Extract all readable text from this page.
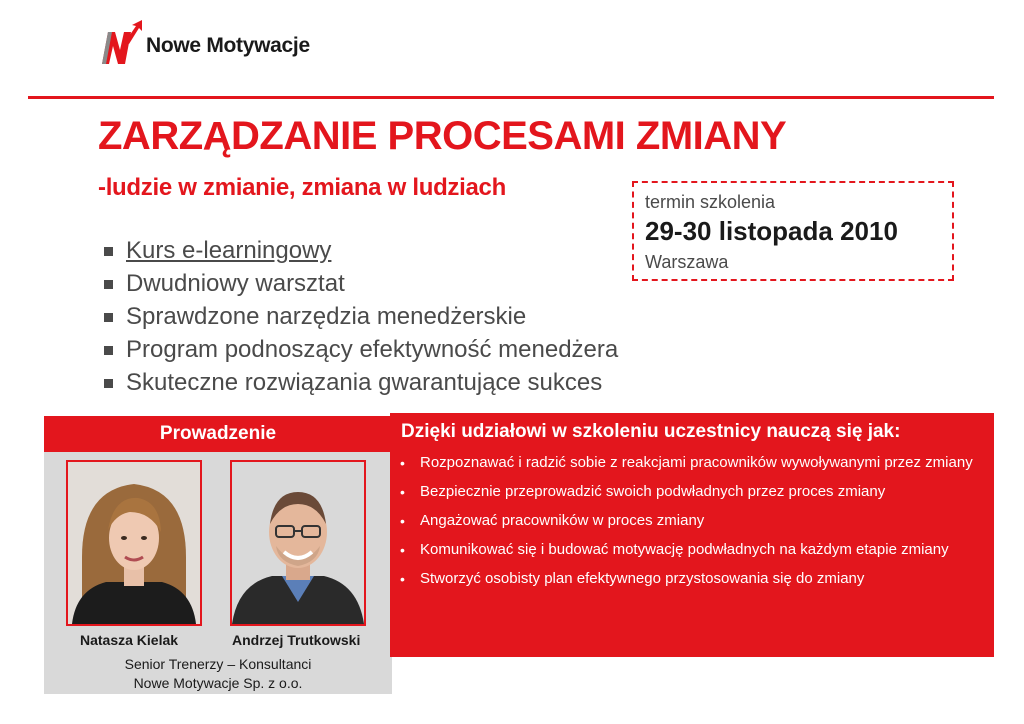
Nowe Motywacje
ZARZĄDZANIE PROCESAMI ZMIANY
-ludzie w zmianie, zmiana w ludziach
Kurs e-learningowy
Dwudniowy warsztat
Sprawdzone narzędzia menedżerskie
Program podnoszący efektywność menedżera
Skuteczne rozwiązania gwarantujące sukces
termin szkolenia
29-30 listopada 2010
Warszawa
Prowadzenie
Natasza Kielak	Andrzej Trutkowski
Senior Trenerzy – Konsultanci
Nowe Motywacje Sp. z o.o.
Dzięki udziałowi w szkoleniu uczestnicy nauczą się jak:
• Rozpoznawać i radzić sobie z reakcjami pracowników wywoływanymi przez zmiany
• Bezpiecznie przeprowadzić swoich podwładnych przez proces zmiany
• Angażować pracowników w proces zmiany
• Komunikować się i budować motywację podwładnych na każdym etapie zmiany
• Stworzyć osobisty plan efektywnego przystosowania się do zmiany
